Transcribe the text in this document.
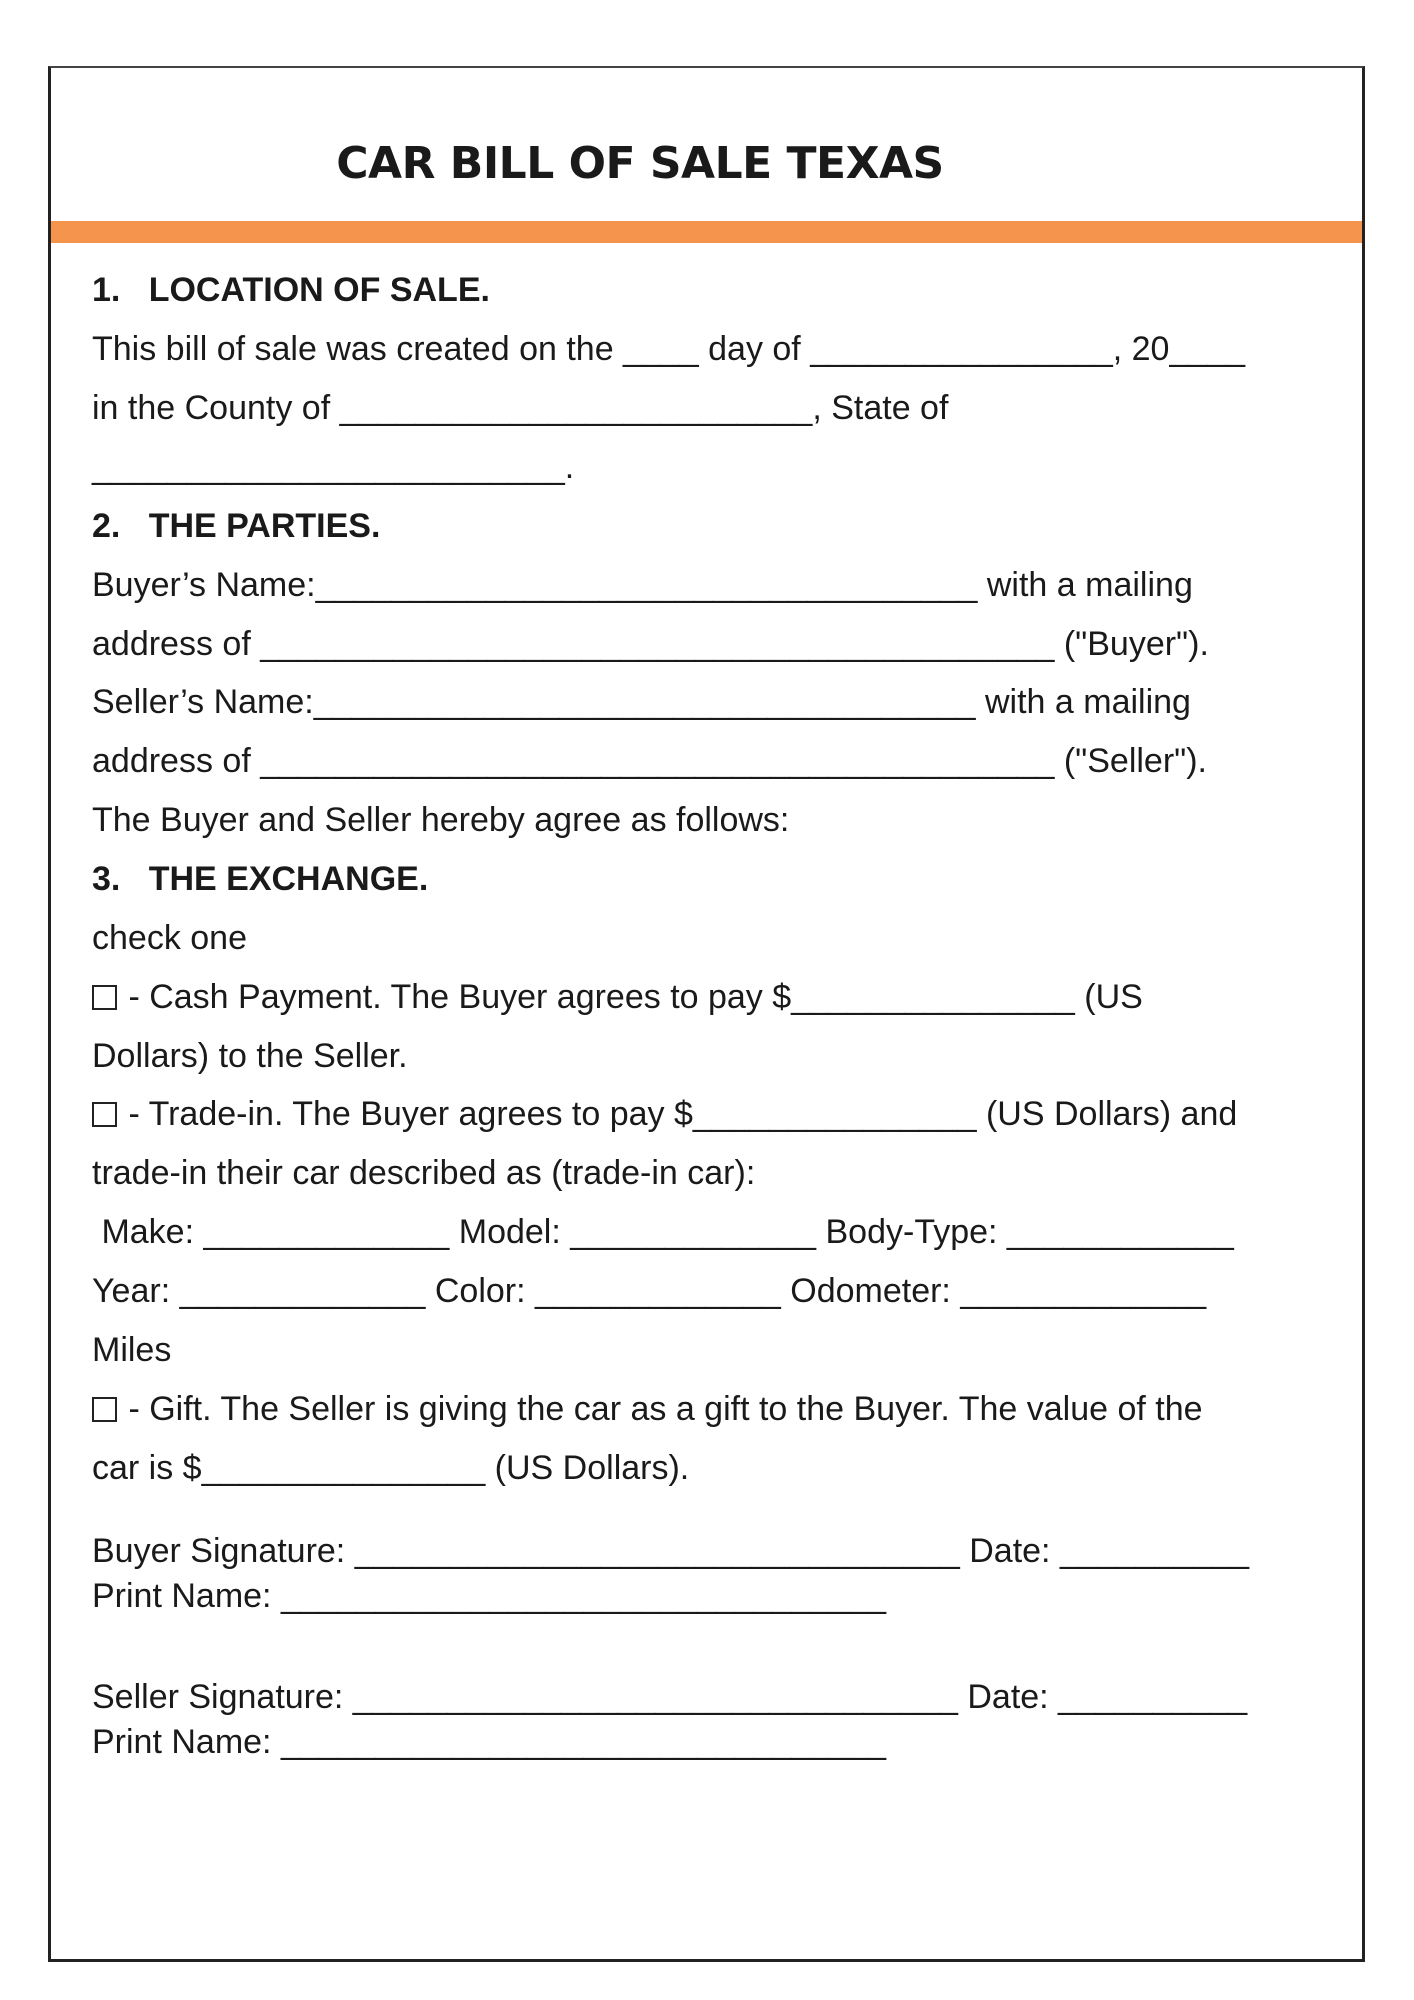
CAR BILL OF SALE TEXAS
1.   LOCATION OF SALE.
This bill of sale was created on the ____ day of ________________, 20____
in the County of _________________________, State of
_________________________.
2.   THE PARTIES.
Buyer’s Name:___________________________________ with a mailing
address of __________________________________________ ("Buyer").
Seller’s Name:___________________________________ with a mailing
address of __________________________________________ ("Seller").
The Buyer and Seller hereby agree as follows:
3.   THE EXCHANGE.
check one
- Cash Payment. The Buyer agrees to pay $_______________ (US
Dollars) to the Seller.
- Trade-in. The Buyer agrees to pay $_______________ (US Dollars) and
trade-in their car described as (trade-in car):
Make: _____________ Model: _____________ Body-Type: ____________
Year: _____________ Color: _____________ Odometer: _____________
Miles
- Gift. The Seller is giving the car as a gift to the Buyer. The value of the
car is $_______________ (US Dollars).
Buyer Signature: ________________________________ Date: __________
Print Name: ________________________________
Seller Signature: ________________________________ Date: __________
Print Name: ________________________________
